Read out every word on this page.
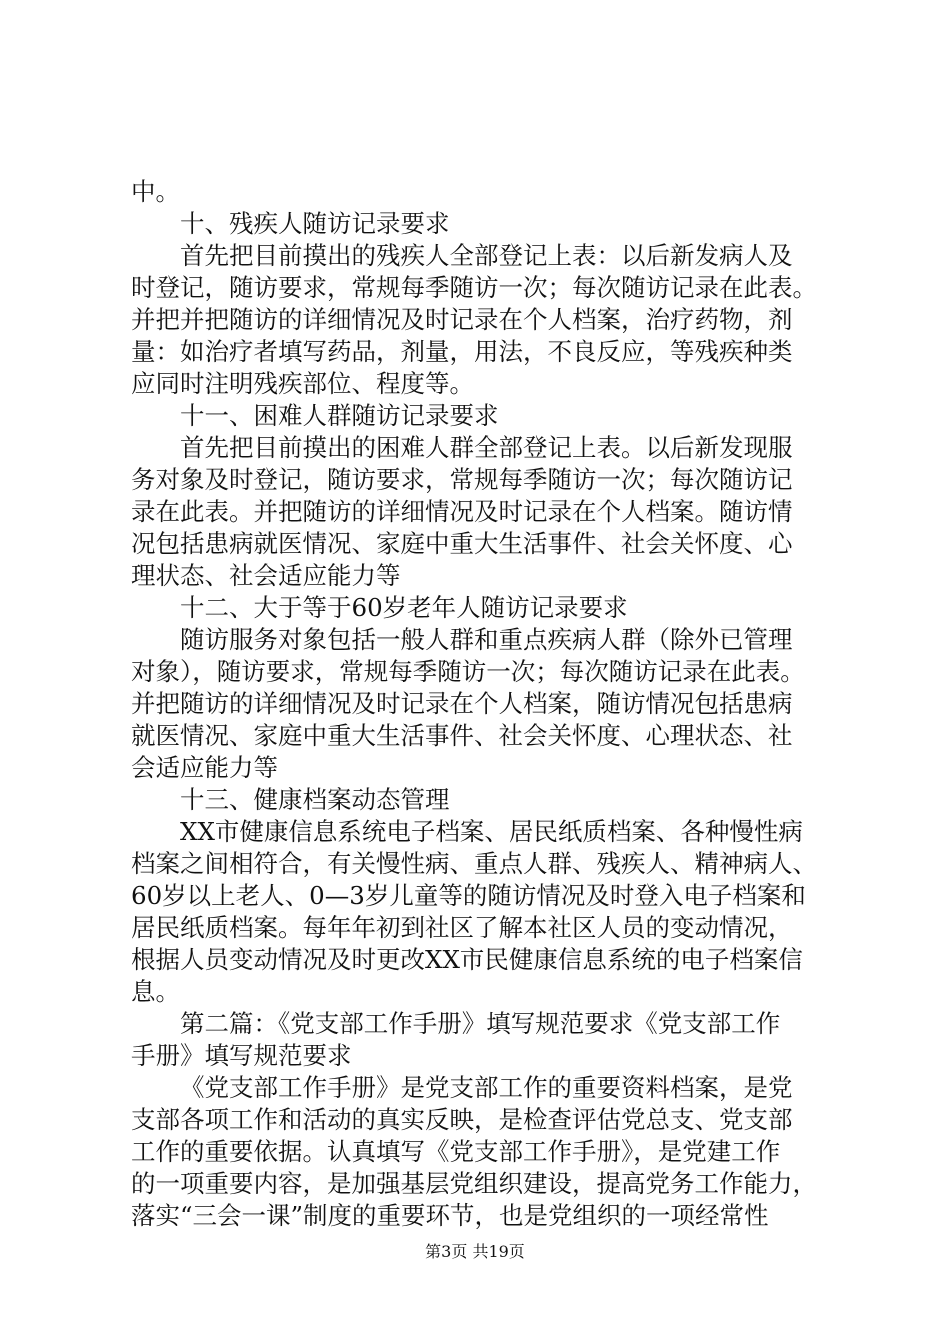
中。
十、残疾人随访记录要求
首先把目前摸出的残疾人全部登记上表：以后新发病人及
时登记，随访要求，常规每季随访一次；每次随访记录在此表。
并把并把随访的详细情况及时记录在个人档案，治疗药物，剂
量：如治疗者填写药品，剂量，用法，不良反应，等残疾种类
应同时注明残疾部位、程度等。
十一、困难人群随访记录要求
首先把目前摸出的困难人群全部登记上表。以后新发现服
务对象及时登记，随访要求，常规每季随访一次；每次随访记
录在此表。并把随访的详细情况及时记录在个人档案。随访情
况包括患病就医情况、家庭中重大生活事件、社会关怀度、心
理状态、社会适应能力等
十二、大于等于60岁老年人随访记录要求
随访服务对象包括一般人群和重点疾病人群（除外已管理
对象），随访要求，常规每季随访一次；每次随访记录在此表。
并把随访的详细情况及时记录在个人档案，随访情况包括患病
就医情况、家庭中重大生活事件、社会关怀度、心理状态、社
会适应能力等
十三、健康档案动态管理
XX市健康信息系统电子档案、居民纸质档案、各种慢性病
档案之间相符合，有关慢性病、重点人群、残疾人、精神病人、
60岁以上老人、0—3岁儿童等的随访情况及时登入电子档案和
居民纸质档案。每年年初到社区了解本社区人员的变动情况，
根据人员变动情况及时更改XX市民健康信息系统的电子档案信
息。
第二篇：《党支部工作手册》填写规范要求《党支部工作
手册》填写规范要求
《党支部工作手册》是党支部工作的重要资料档案，是党
支部各项工作和活动的真实反映，是检查评估党总支、党支部
工作的重要依据。认真填写《党支部工作手册》，是党建工作
的一项重要内容，是加强基层党组织建设，提高党务工作能力，
落实“三会一课”制度的重要环节，也是党组织的一项经常性
第3页 共19页
